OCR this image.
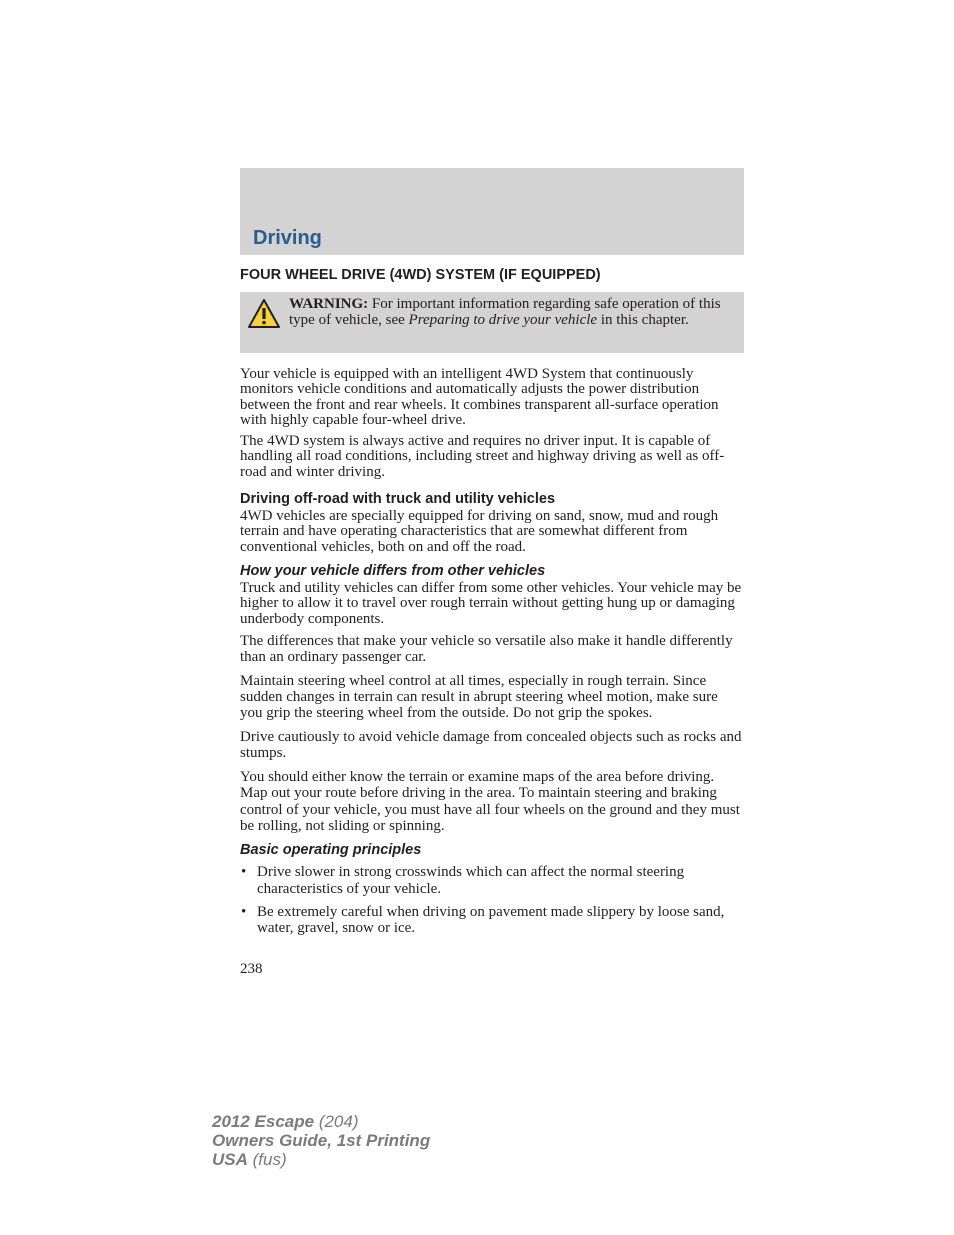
Driving
FOUR WHEEL DRIVE (4WD) SYSTEM (IF EQUIPPED)
WARNING: For important information regarding safe operation of this type of vehicle, see Preparing to drive your vehicle in this chapter.

Your vehicle is equipped with an intelligent 4WD System that continuously monitors vehicle conditions and automatically adjusts the power distribution between the front and rear wheels. It combines transparent all-surface operation with highly capable four-wheel drive.

The 4WD system is always active and requires no driver input. It is capable of handling all road conditions, including street and highway driving as well as off-road and winter driving.

Driving off-road with truck and utility vehicles

4WD vehicles are specially equipped for driving on sand, snow, mud and rough terrain and have operating characteristics that are somewhat different from conventional vehicles, both on and off the road.

How your vehicle differs from other vehicles

Truck and utility vehicles can differ from some other vehicles. Your vehicle may be higher to allow it to travel over rough terrain without getting hung up or damaging underbody components.

The differences that make your vehicle so versatile also make it handle differently than an ordinary passenger car.

Maintain steering wheel control at all times, especially in rough terrain. Since sudden changes in terrain can result in abrupt steering wheel motion, make sure you grip the steering wheel from the outside. Do not grip the spokes.

Drive cautiously to avoid vehicle damage from concealed objects such as rocks and stumps.

You should either know the terrain or examine maps of the area before driving. Map out your route before driving in the area. To maintain steering and braking control of your vehicle, you must have all four wheels on the ground and they must be rolling, not sliding or spinning.

Basic operating principles
• Drive slower in strong crosswinds which can affect the normal steering characteristics of your vehicle.
• Be extremely careful when driving on pavement made slippery by loose sand, water, gravel, snow or ice.
238
2012 Escape (204)
Owners Guide, 1st Printing
USA (fus)
